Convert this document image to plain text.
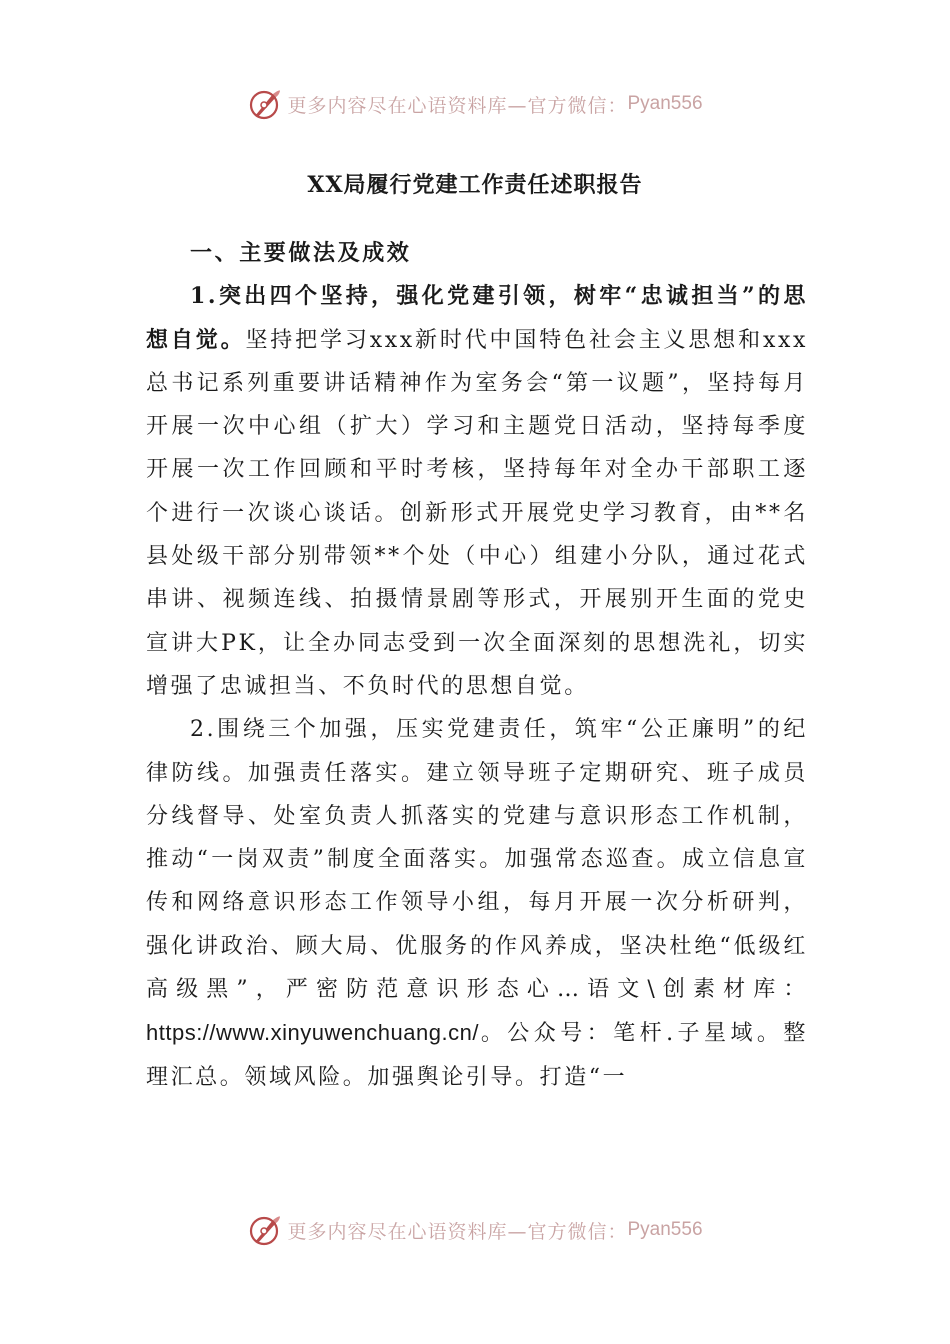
更多内容尽在心语资料库—官方微信： Pyan556
XX局履行党建工作责任述职报告

一、主要做法及成效

1.突出四个坚持，强化党建引领，树牢“忠诚担当”的思想自觉。坚持把学习xxx新时代中国特色社会主义思想和xxx总书记系列重要讲话精神作为室务会“第一议题”，坚持每月开展一次中心组（扩大）学习和主题党日活动，坚持每季度开展一次工作回顾和平时考核，坚持每年对全办干部职工逐个进行一次谈心谈话。创新形式开展党史学习教育，由**名县处级干部分别带领**个处（中心）组建小分队，通过花式串讲、视频连线、拍摄情景剧等形式，开展别开生面的党史宣讲大PK，让全办同志受到一次全面深刻的思想洗礼，切实增强了忠诚担当、不负时代的思想自觉。

2.围绕三个加强，压实党建责任，筑牢“公正廉明”的纪律防线。加强责任落实。建立领导班子定期研究、班子成员分线督导、处室负责人抓落实的党建与意识形态工作机制，推动“一岗双责”制度全面落实。加强常态巡查。成立信息宣传和网络意识形态工作领导小组，每月开展一次分析研判，强化讲政治、顾大局、优服务的作风养成，坚决杜绝“低级红高级黑”，严密防范意识形态心…语文\创素材库：https://www.xinyuwenchuang.cn/。公众号：笔杆.子星域。整理汇总。领域风险。加强舆论引导。打造“一

更多内容尽在心语资料库—官方微信： Pyan556
